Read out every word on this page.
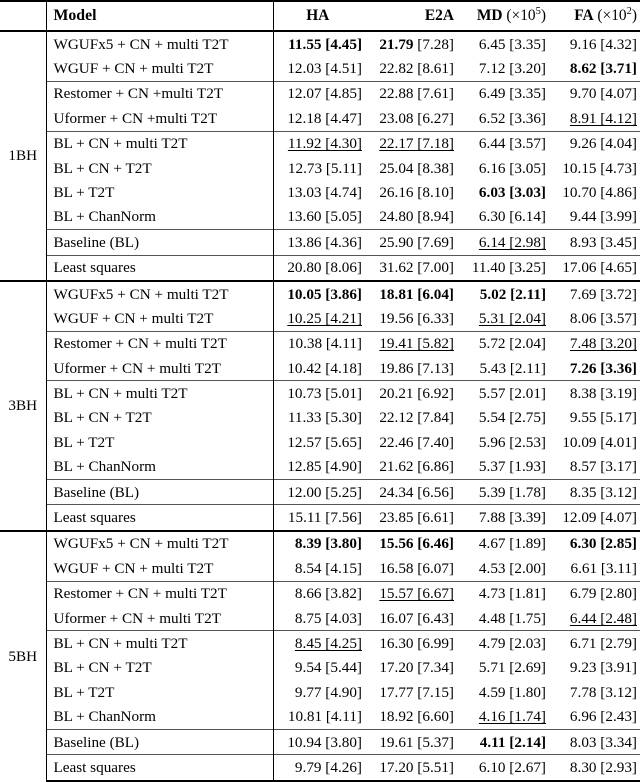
	Model	HA	E2A	MD $(\times 10^5)$	FA $(\times 10^2)$

1BH	WGUFx5 + CN + multi T2T	11.55 [4.45]	21.79 [7.28]	6.45 [3.35]	9.16 [4.32]

	WGUF + CN + multi T2T	12.03 [4.51]	22.82 [8.61]	7.12 [3.20]	8.62 [3.71]

	Restomer + CN +multi T2T	12.07 [4.85]	22.88 [7.61]	6.49 [3.35]	9.70 [4.07]

	Uformer + CN +multi T2T	12.18 [4.47]	23.08 [6.27]	6.52 [3.36]	8.91 [4.12]

	BL + CN + multi T2T	11.92 [4.30]	22.17 [7.18]	6.44 [3.57]	9.26 [4.04]

	BL + CN + T2T	12.73 [5.11]	25.04 [8.38]	6.16 [3.05]	10.15 [4.73]

	BL + T2T	13.03 [4.74]	26.16 [8.10]	6.03 [3.03]	10.70 [4.86]

	BL + ChanNorm	13.60 [5.05]	24.80 [8.94]	6.30 [6.14]	9.44 [3.99]

	Baseline (BL)	13.86 [4.36]	25.90 [7.69]	6.14 [2.98]	8.93 [3.45]

	Least squares	20.80 [8.06]	31.62 [7.00]	11.40 [3.25]	17.06 [4.65]

3BH	WGUFx5 + CN + multi T2T	10.05 [3.86]	18.81 [6.04]	5.02 [2.11]	7.69 [3.72]

	WGUF + CN + multi T2T	10.25 [4.21]	19.56 [6.33]	5.31 [2.04]	8.06 [3.57]

	Restomer + CN + multi T2T	10.38 [4.11]	19.41 [5.82]	5.72 [2.04]	7.48 [3.20]

	Uformer + CN + multi T2T	10.42 [4.18]	19.86 [7.13]	5.43 [2.11]	7.26 [3.36]

	BL + CN + multi T2T	10.73 [5.01]	20.21 [6.92]	5.57 [2.01]	8.38 [3.19]

	BL + CN + T2T	11.33 [5.30]	22.12 [7.84]	5.54 [2.75]	9.55 [5.17]

	BL + T2T	12.57 [5.65]	22.46 [7.40]	5.96 [2.53]	10.09 [4.01]

	BL + ChanNorm	12.85 [4.90]	21.62 [6.86]	5.37 [1.93]	8.57 [3.17]

	Baseline (BL)	12.00 [5.25]	24.34 [6.56]	5.39 [1.78]	8.35 [3.12]

	Least squares	15.11 [7.56]	23.85 [6.61]	7.88 [3.39]	12.09 [4.07]

5BH	WGUFx5 + CN + multi T2T	8.39 [3.80]	15.56 [6.46]	4.67 [1.89]	6.30 [2.85]

	WGUF + CN + multi T2T	8.54 [4.15]	16.58 [6.07]	4.53 [2.00]	6.61 [3.11]

	Restomer + CN + multi T2T	8.66 [3.82]	15.57 [6.67]	4.73 [1.81]	6.79 [2.80]

	Uformer + CN + multi T2T	8.75 [4.03]	16.07 [6.43]	4.48 [1.75]	6.44 [2.48]

	BL + CN + multi T2T	8.45 [4.25]	16.30 [6.99]	4.79 [2.03]	6.71 [2.79]

	BL + CN + T2T	9.54 [5.44]	17.20 [7.34]	5.71 [2.69]	9.23 [3.91]

	BL + T2T	9.77 [4.90]	17.77 [7.15]	4.59 [1.80]	7.78 [3.12]

	BL + ChanNorm	10.81 [4.11]	18.92 [6.60]	4.16 [1.74]	6.96 [2.43]

	Baseline (BL)	10.94 [3.80]	19.61 [5.37]	4.11 [2.14]	8.03 [3.34]

	Least squares	9.79 [4.26]	17.20 [5.51]	6.10 [2.67]	8.30 [2.93]
